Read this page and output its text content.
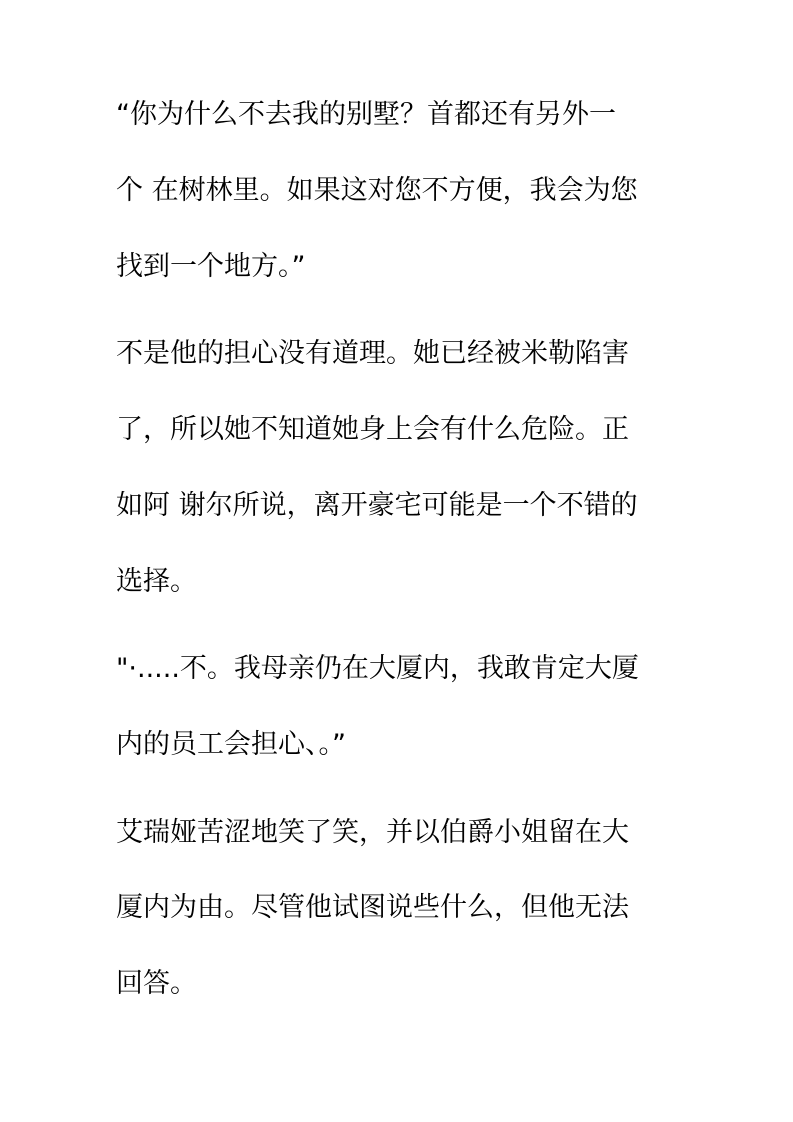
“你为什么不去我的别墅？首都还有另外一
个 在树林里。如果这对您不方便，我会为您
找到一个地方。”
不是他的担心没有道理。她已经被米勒陷害
了，所以她不知道她身上会有什么危险。正
如阿 谢尔所说，离开豪宅可能是一个不错的
选择。
"·.....不。我母亲仍在大厦内，我敢肯定大厦
内的员工会担心、。”
艾瑞娅苦涩地笑了笑，并以伯爵小姐留在大
厦内为由。尽管他试图说些什么，但他无法
回答。
